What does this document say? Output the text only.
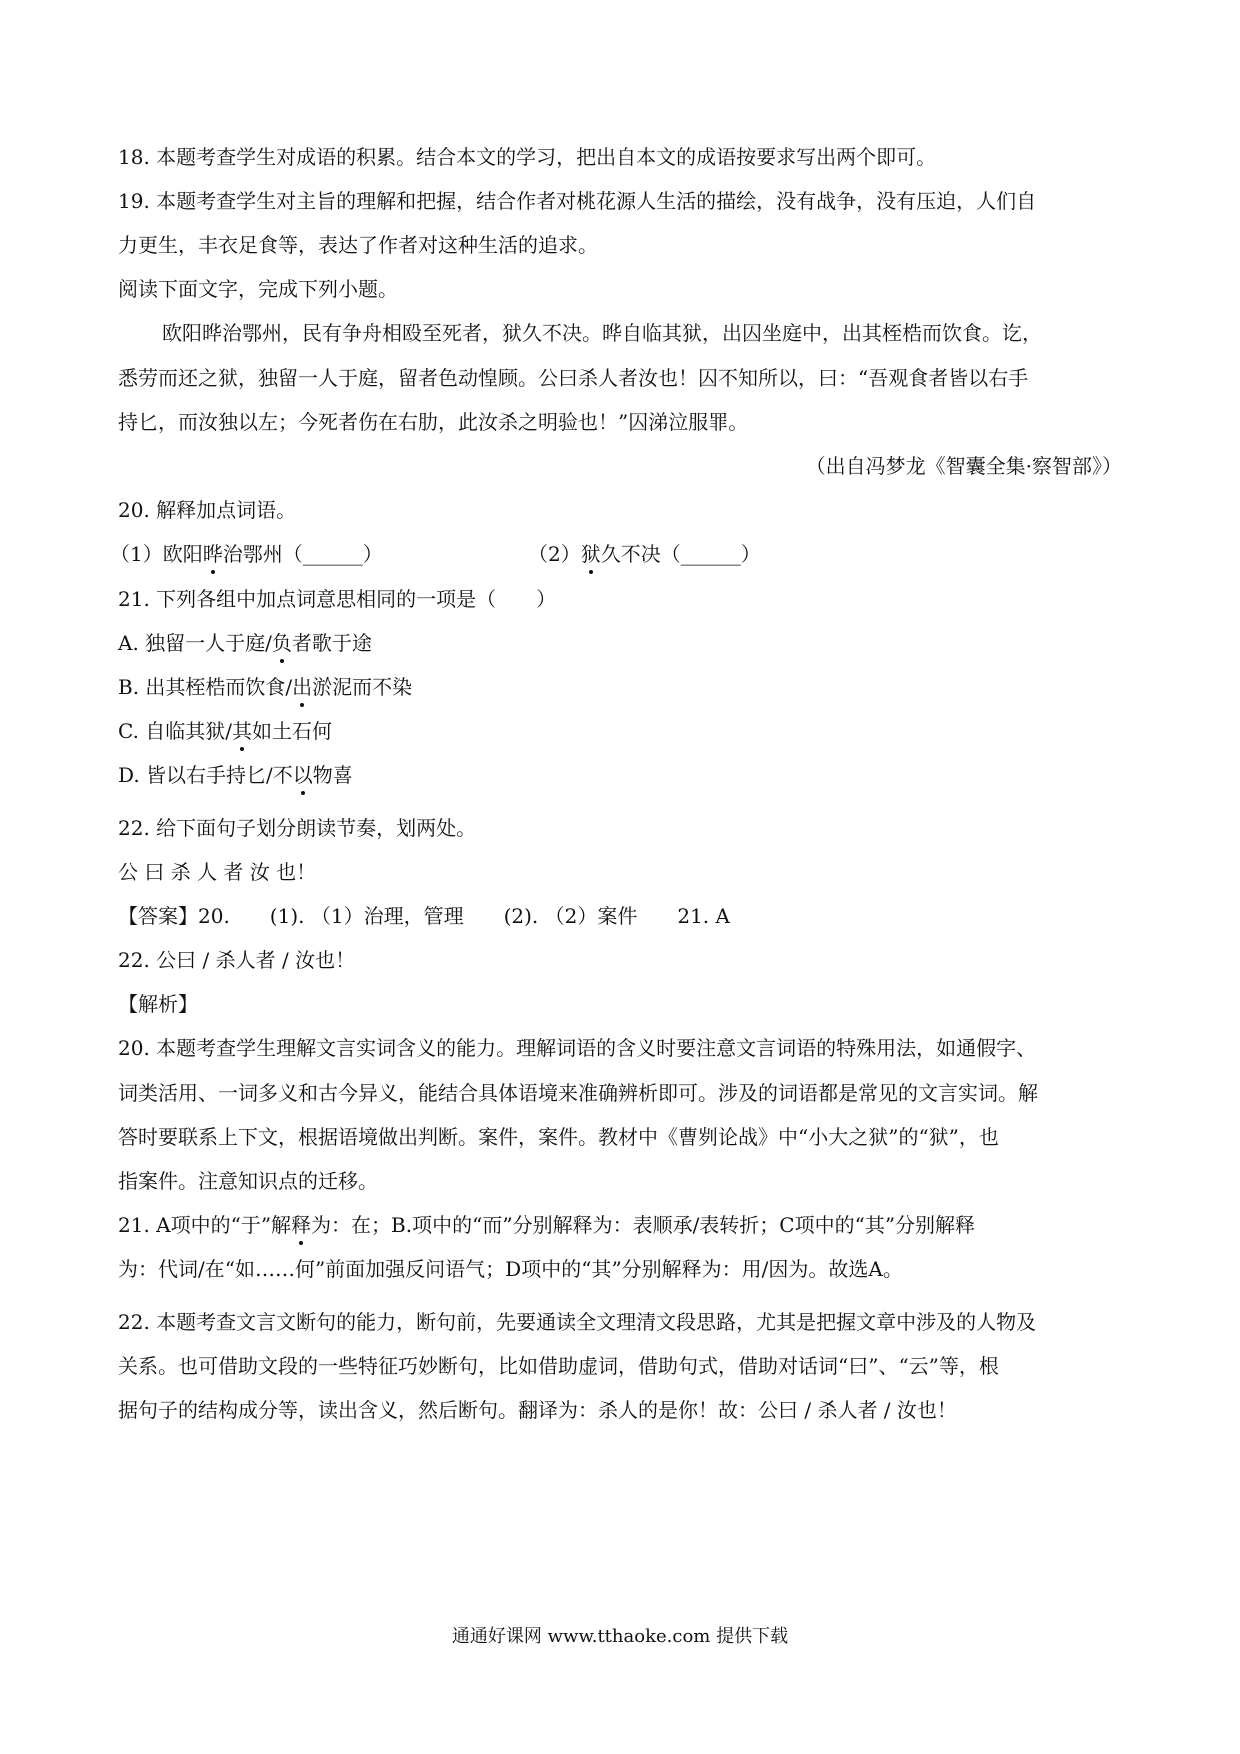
18. 本题考查学生对成语的积累。结合本文的学习，把出自本文的成语按要求写出两个即可。
19. 本题考查学生对主旨的理解和把握，结合作者对桃花源人生活的描绘，没有战争，没有压迫，人们自
力更生，丰衣足食等，表达了作者对这种生活的追求。
阅读下面文字，完成下列小题。
欧阳晔治鄂州，民有争舟相殴至死者，狱久不决。晔自临其狱，出囚坐庭中，出其桎梏而饮食。讫，
悉劳而还之狱，独留一人于庭，留者色动惶顾。公曰杀人者汝也！囚不知所以，曰：“吾观食者皆以右手
持匕，而汝独以左；今死者伤在右肋，此汝杀之明验也！”囚涕泣服罪。
（出自冯梦龙《智囊全集·察智部》）
20. 解释加点词语。
（1）欧阳晔治鄂州（______）	（2）狱久不决（______）
21. 下列各组中加点词意思相同的一项是（　　）
A. 独留一人于庭/负者歌于途
B. 出其桎梏而饮食/出淤泥而不染
C. 自临其狱/其如土石何
D. 皆以右手持匕/不以物喜
22. 给下面句子划分朗读节奏，划两处。
公 曰 杀 人 者 汝 也！
【答案】20.　　(1). （1）治理，管理　　(2). （2）案件　　21. A
22. 公曰 / 杀人者 / 汝也！
【解析】
20. 本题考查学生理解文言实词含义的能力。理解词语的含义时要注意文言词语的特殊用法，如通假字、
词类活用、一词多义和古今异义，能结合具体语境来准确辨析即可。涉及的词语都是常见的文言实词。解
答时要联系上下文，根据语境做出判断。案件，案件。教材中《曹刿论战》中“小大之狱”的“狱”，也
指案件。注意知识点的迁移。
21. A项中的“于”解释为：在；B.项中的“而”分别解释为：表顺承/表转折；C项中的“其”分别解释
为：代词/在“如……何”前面加强反问语气；D项中的“其”分别解释为：用/因为。故选A。
22. 本题考查文言文断句的能力，断句前，先要通读全文理清文段思路，尤其是把握文章中涉及的人物及
关系。也可借助文段的一些特征巧妙断句，比如借助虚词，借助句式，借助对话词“曰”、“云”等，根
据句子的结构成分等，读出含义，然后断句。翻译为：杀人的是你！故：公曰 / 杀人者 / 汝也！
通通好课网 www.tthaoke.com 提供下载
